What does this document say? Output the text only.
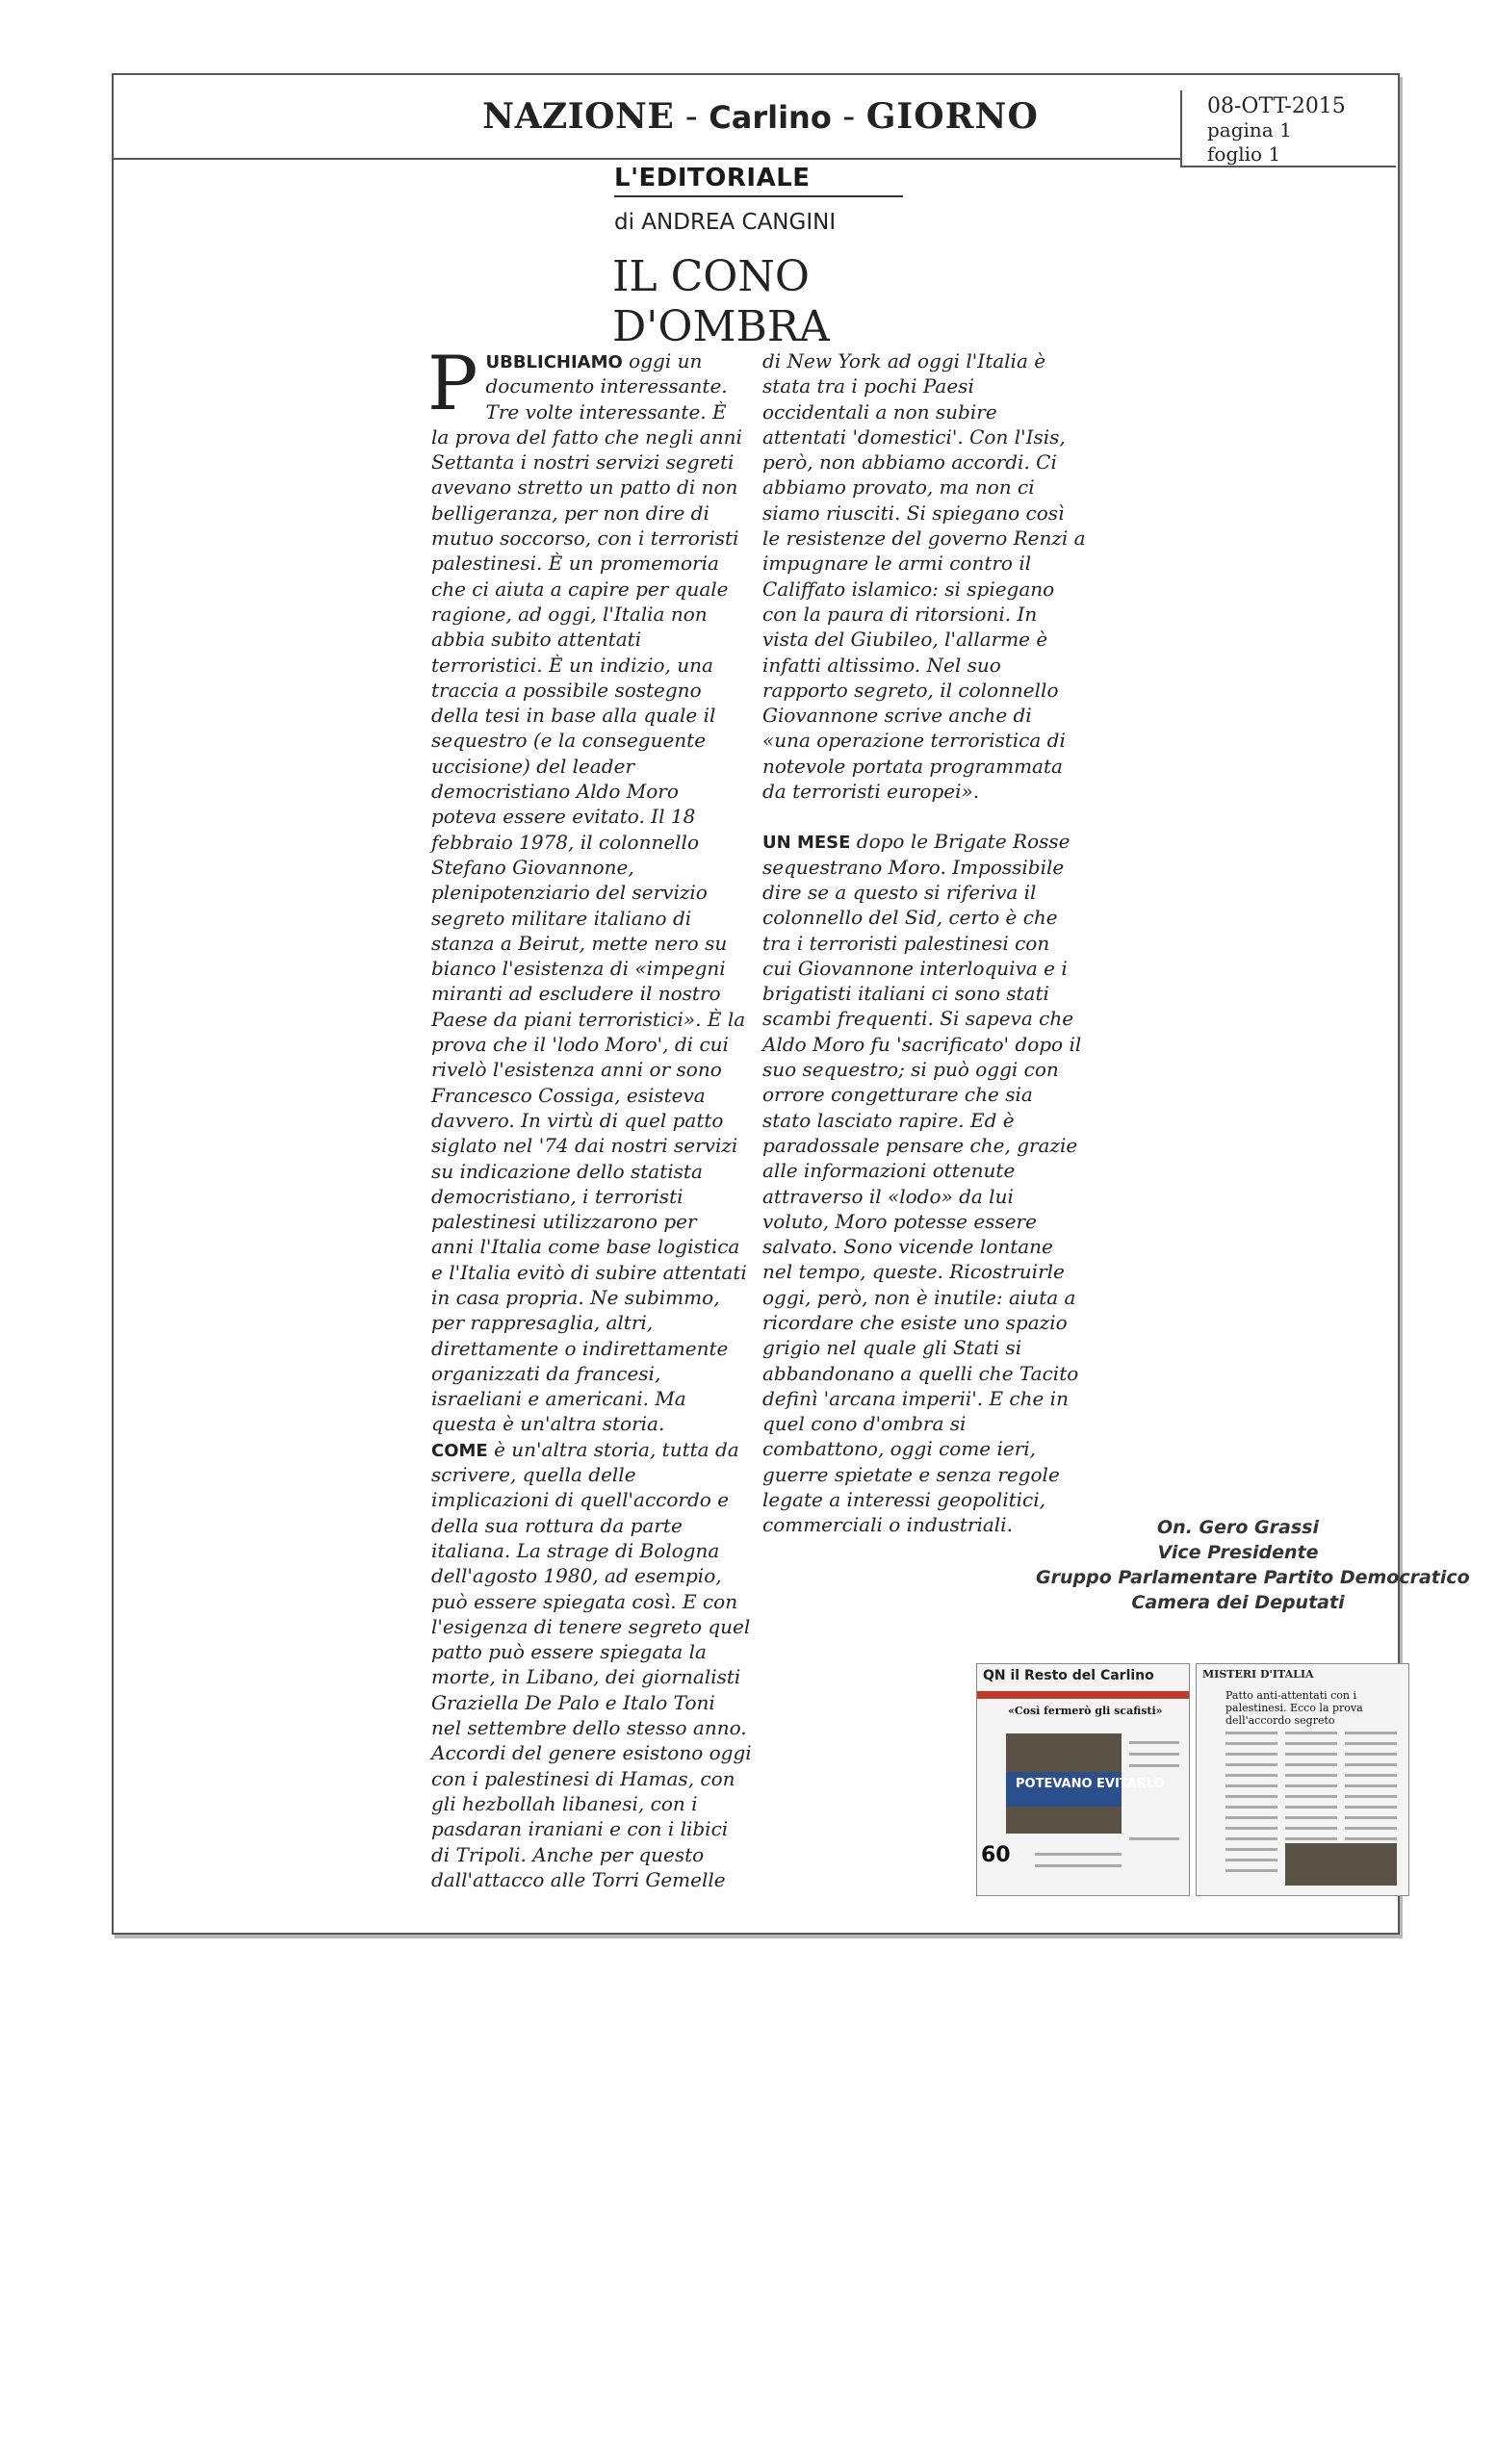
NAZIONE - Carlino - GIORNO	08-OTT-2015
pagina 1
foglio 1
L'EDITORIALE
di ANDREA CANGINI
IL CONO
D'OMBRA
P UBBLICHIAMO oggi un
documento interessante.
Tre volte interessante. È
la prova del fatto che negli anni
Settanta i nostri servizi segreti
avevano stretto un patto di non
belligeranza, per non dire di
mutuo soccorso, con i terroristi
palestinesi. È un promemoria
che ci aiuta a capire per quale
ragione, ad oggi, l'Italia non
abbia subito attentati
terroristici. È un indizio, una
traccia a possibile sostegno
della tesi in base alla quale il
sequestro (e la conseguente
uccisione) del leader
democristiano Aldo Moro
poteva essere evitato. Il 18
febbraio 1978, il colonnello
Stefano Giovannone,
plenipotenziario del servizio
segreto militare italiano di
stanza a Beirut, mette nero su
bianco l'esistenza di «impegni
miranti ad escludere il nostro
Paese da piani terroristici». È la
prova che il 'lodo Moro', di cui
rivelò l'esistenza anni or sono
Francesco Cossiga, esisteva
davvero. In virtù di quel patto
siglato nel '74 dai nostri servizi
su indicazione dello statista
democristiano, i terroristi
palestinesi utilizzarono per
anni l'Italia come base logistica
e l'Italia evitò di subire attentati
in casa propria. Ne subimmo,
per rappresaglia, altri,
direttamente o indirettamente
organizzati da francesi,
israeliani e americani. Ma
questa è un'altra storia.
COME è un'altra storia, tutta da
scrivere, quella delle
implicazioni di quell'accordo e
della sua rottura da parte
italiana. La strage di Bologna
dell'agosto 1980, ad esempio,
può essere spiegata così. E con
l'esigenza di tenere segreto quel
patto può essere spiegata la
morte, in Libano, dei giornalisti
Graziella De Palo e Italo Toni
nel settembre dello stesso anno.
Accordi del genere esistono oggi
con i palestinesi di Hamas, con
gli hezbollah libanesi, con i
pasdaran iraniani e con i libici
di Tripoli. Anche per questo
dall'attacco alle Torri Gemelle
di New York ad oggi l'Italia è
stata tra i pochi Paesi
occidentali a non subire
attentati 'domestici'. Con l'Isis,
però, non abbiamo accordi. Ci
abbiamo provato, ma non ci
siamo riusciti. Si spiegano così
le resistenze del governo Renzi a
impugnare le armi contro il
Califfato islamico: si spiegano
con la paura di ritorsioni. In
vista del Giubileo, l'allarme è
infatti altissimo. Nel suo
rapporto segreto, il colonnello
Giovannone scrive anche di
«una operazione terroristica di
notevole portata programmata
da terroristi europei».
UN MESE dopo le Brigate Rosse
sequestrano Moro. Impossibile
dire se a questo si riferiva il
colonnello del Sid, certo è che
tra i terroristi palestinesi con
cui Giovannone interloquiva e i
brigatisti italiani ci sono stati
scambi frequenti. Si sapeva che
Aldo Moro fu 'sacrificato' dopo il
suo sequestro; si può oggi con
orrore congetturare che sia
stato lasciato rapire. Ed è
paradossale pensare che, grazie
alle informazioni ottenute
attraverso il «lodo» da lui
voluto, Moro potesse essere
salvato. Sono vicende lontane
nel tempo, queste. Ricostruirle
oggi, però, non è inutile: aiuta a
ricordare che esiste uno spazio
grigio nel quale gli Stati si
abbandonano a quelli che Tacito
definì 'arcana imperii'. E che in
quel cono d'ombra si
combattono, oggi come ieri,
guerre spietate e senza regole
legate a interessi geopolitici,
commerciali o industriali.	On. Gero Grassi
Vice Presidente
Gruppo Parlamentare Partito Democratico
Camera dei Deputati
QN il Resto del Carlino
«Così fermerò gli scafisti»
POTEVANO EVITARLO
60
MISTERI D'ITALIA
Patto anti-attentati con i palestinesi. Ecco la prova dell'accordo segreto
